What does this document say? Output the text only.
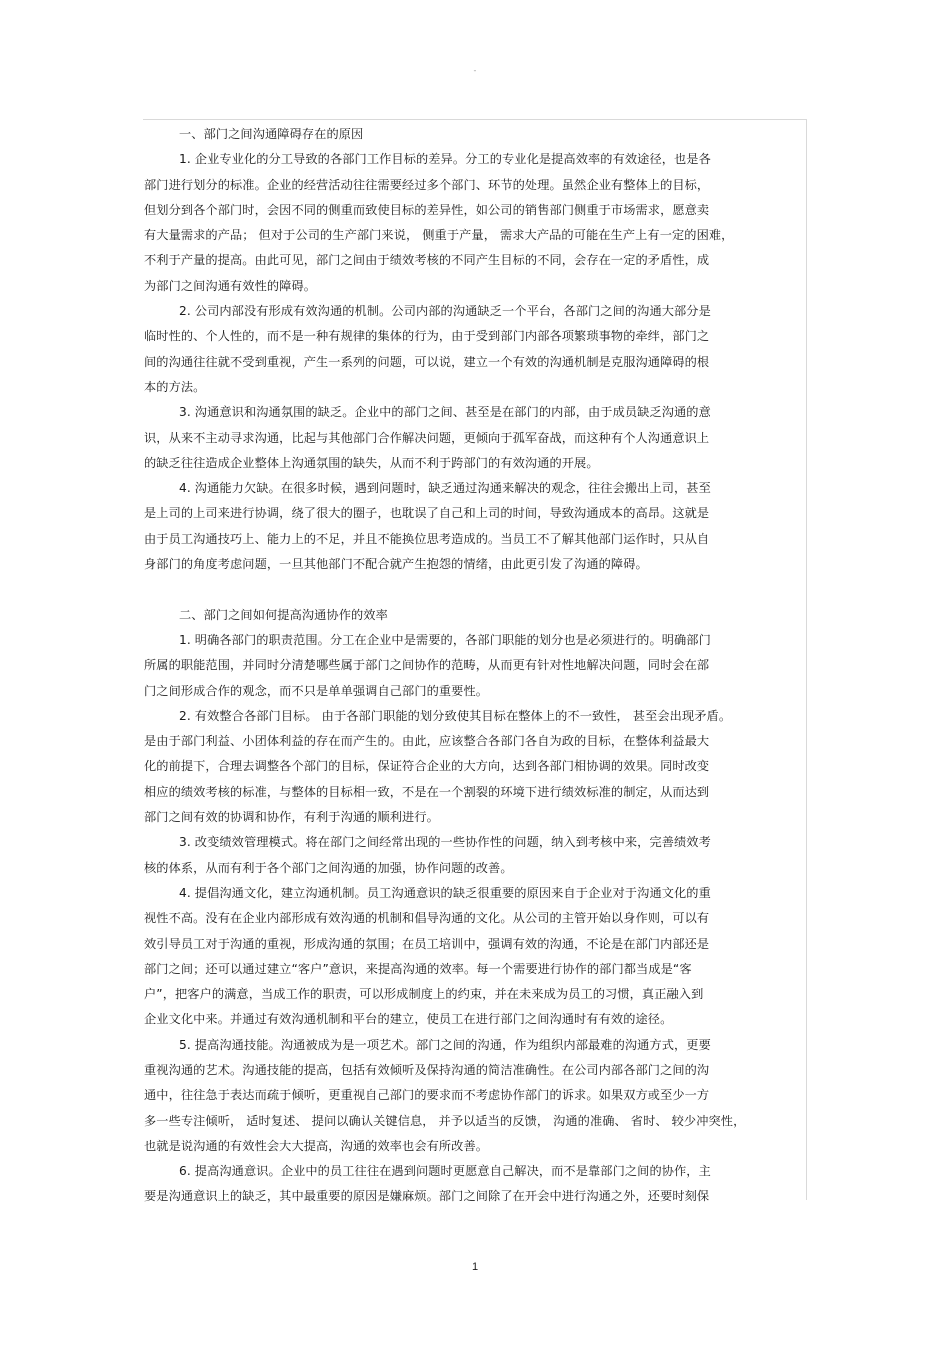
-
一、部门之间沟通障碍存在的原因
1. 企业专业化的分工导致的各部门工作目标的差异。分工的专业化是提高效率的有效途径，也是各
部门进行划分的标准。企业的经营活动往往需要经过多个部门、环节的处理。虽然企业有整体上的目标，
但划分到各个部门时，会因不同的侧重而致使目标的差异性，如公司的销售部门侧重于市场需求，愿意卖
有大量需求的产品； 但对于公司的生产部门来说， 侧重于产量， 需求大产品的可能在生产上有一定的困难，
不利于产量的提高。由此可见，部门之间由于绩效考核的不同产生目标的不同，会存在一定的矛盾性，成
为部门之间沟通有效性的障碍。
2. 公司内部没有形成有效沟通的机制。公司内部的沟通缺乏一个平台，各部门之间的沟通大部分是
临时性的、个人性的，而不是一种有规律的集体的行为，由于受到部门内部各项繁琐事物的牵绊，部门之
间的沟通往往就不受到重视，产生一系列的问题，可以说，建立一个有效的沟通机制是克服沟通障碍的根
本的方法。
3. 沟通意识和沟通氛围的缺乏。企业中的部门之间、甚至是在部门的内部，由于成员缺乏沟通的意
识，从来不主动寻求沟通，比起与其他部门合作解决问题，更倾向于孤军奋战，而这种有个人沟通意识上
的缺乏往往造成企业整体上沟通氛围的缺失，从而不利于跨部门的有效沟通的开展。
4. 沟通能力欠缺。在很多时候，遇到问题时，缺乏通过沟通来解决的观念，往往会搬出上司，甚至
是上司的上司来进行协调，绕了很大的圈子，也耽误了自己和上司的时间，导致沟通成本的高昂。这就是
由于员工沟通技巧上、能力上的不足，并且不能换位思考造成的。当员工不了解其他部门运作时，只从自
身部门的角度考虑问题，一旦其他部门不配合就产生抱怨的情绪，由此更引发了沟通的障碍。
二、部门之间如何提高沟通协作的效率
1. 明确各部门的职责范围。分工在企业中是需要的，各部门职能的划分也是必须进行的。明确部门
所属的职能范围，并同时分清楚哪些属于部门之间协作的范畴，从而更有针对性地解决问题，同时会在部
门之间形成合作的观念，而不只是单单强调自己部门的重要性。
2. 有效整合各部门目标。 由于各部门职能的划分致使其目标在整体上的不一致性， 甚至会出现矛盾。
是由于部门利益、小团体利益的存在而产生的。由此，应该整合各部门各自为政的目标，在整体利益最大
化的前提下，合理去调整各个部门的目标，保证符合企业的大方向，达到各部门相协调的效果。同时改变
相应的绩效考核的标准，与整体的目标相一致，不是在一个割裂的环境下进行绩效标准的制定，从而达到
部门之间有效的协调和协作，有利于沟通的顺利进行。
3. 改变绩效管理模式。将在部门之间经常出现的一些协作性的问题，纳入到考核中来，完善绩效考
核的体系，从而有利于各个部门之间沟通的加强，协作问题的改善。
4. 提倡沟通文化，建立沟通机制。员工沟通意识的缺乏很重要的原因来自于企业对于沟通文化的重
视性不高。没有在企业内部形成有效沟通的机制和倡导沟通的文化。从公司的主管开始以身作则，可以有
效引导员工对于沟通的重视，形成沟通的氛围；在员工培训中，强调有效的沟通，不论是在部门内部还是
部门之间；还可以通过建立“客户”意识，来提高沟通的效率。每一个需要进行协作的部门都当成是“客
户”，把客户的满意，当成工作的职责，可以形成制度上的约束，并在未来成为员工的习惯，真正融入到
企业文化中来。并通过有效沟通机制和平台的建立，使员工在进行部门之间沟通时有有效的途径。
5. 提高沟通技能。沟通被成为是一项艺术。部门之间的沟通，作为组织内部最难的沟通方式，更要
重视沟通的艺术。沟通技能的提高，包括有效倾听及保持沟通的简洁准确性。在公司内部各部门之间的沟
通中，往往急于表达而疏于倾听，更重视自己部门的要求而不考虑协作部门的诉求。如果双方或至少一方
多一些专注倾听， 适时复述、 提问以确认关键信息， 并予以适当的反馈， 沟通的准确、 省时、 较少冲突性，
也就是说沟通的有效性会大大提高，沟通的效率也会有所改善。
6. 提高沟通意识。企业中的员工往往在遇到问题时更愿意自己解决，而不是靠部门之间的协作，主
要是沟通意识上的缺乏，其中最重要的原因是嫌麻烦。部门之间除了在开会中进行沟通之外，还要时刻保
1
